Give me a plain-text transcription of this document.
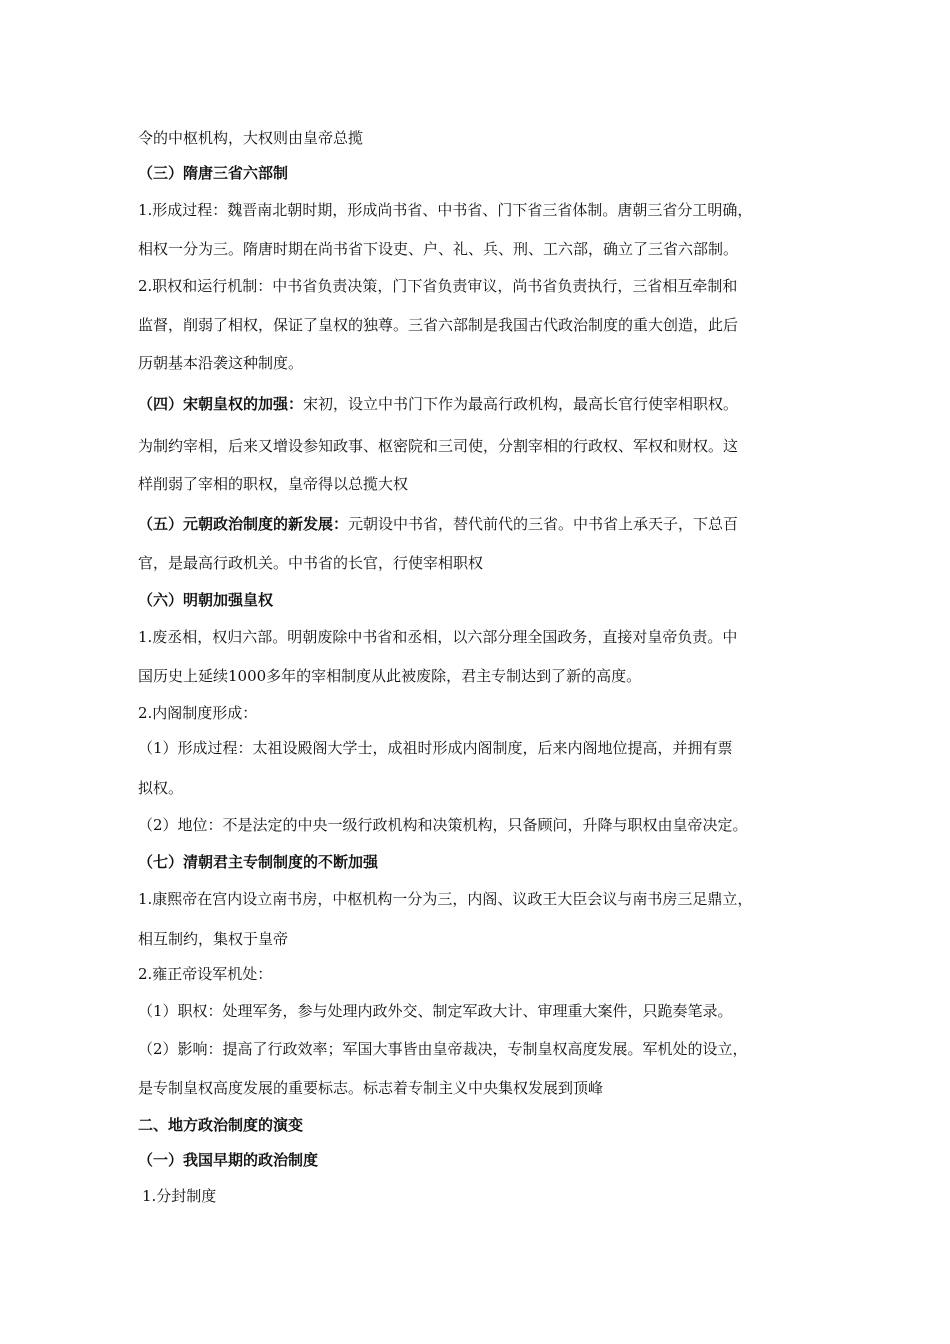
令的中枢机构，大权则由皇帝总揽
（三）隋唐三省六部制
1.形成过程：魏晋南北朝时期，形成尚书省、中书省、门下省三省体制。唐朝三省分工明确，
相权一分为三。隋唐时期在尚书省下设吏、户、礼、兵、刑、工六部，确立了三省六部制。
2.职权和运行机制：中书省负责决策，门下省负责审议，尚书省负责执行，三省相互牵制和
监督，削弱了相权，保证了皇权的独尊。三省六部制是我国古代政治制度的重大创造，此后
历朝基本沿袭这种制度。
（四）宋朝皇权的加强：宋初，设立中书门下作为最高行政机构，最高长官行使宰相职权。
为制约宰相，后来又增设参知政事、枢密院和三司使，分割宰相的行政权、军权和财权。这
样削弱了宰相的职权，皇帝得以总揽大权
（五）元朝政治制度的新发展：元朝设中书省，替代前代的三省。中书省上承天子，下总百
官，是最高行政机关。中书省的长官，行使宰相职权
（六）明朝加强皇权
1.废丞相，权归六部。明朝废除中书省和丞相，以六部分理全国政务，直接对皇帝负责。中
国历史上延续1000多年的宰相制度从此被废除，君主专制达到了新的高度。
2.内阁制度形成：
（1）形成过程：太祖设殿阁大学士，成祖时形成内阁制度，后来内阁地位提高，并拥有票
拟权。
（2）地位：不是法定的中央一级行政机构和决策机构，只备顾问，升降与职权由皇帝决定。
（七）清朝君主专制制度的不断加强
1.康熙帝在宫内设立南书房，中枢机构一分为三，内阁、议政王大臣会议与南书房三足鼎立，
相互制约，集权于皇帝
2.雍正帝设军机处：
（1）职权：处理军务，参与处理内政外交、制定军政大计、审理重大案件，只跪奏笔录。
（2）影响：提高了行政效率；军国大事皆由皇帝裁决，专制皇权高度发展。军机处的设立，
是专制皇权高度发展的重要标志。标志着专制主义中央集权发展到顶峰
二、地方政治制度的演变
（一）我国早期的政治制度
1.分封制度
